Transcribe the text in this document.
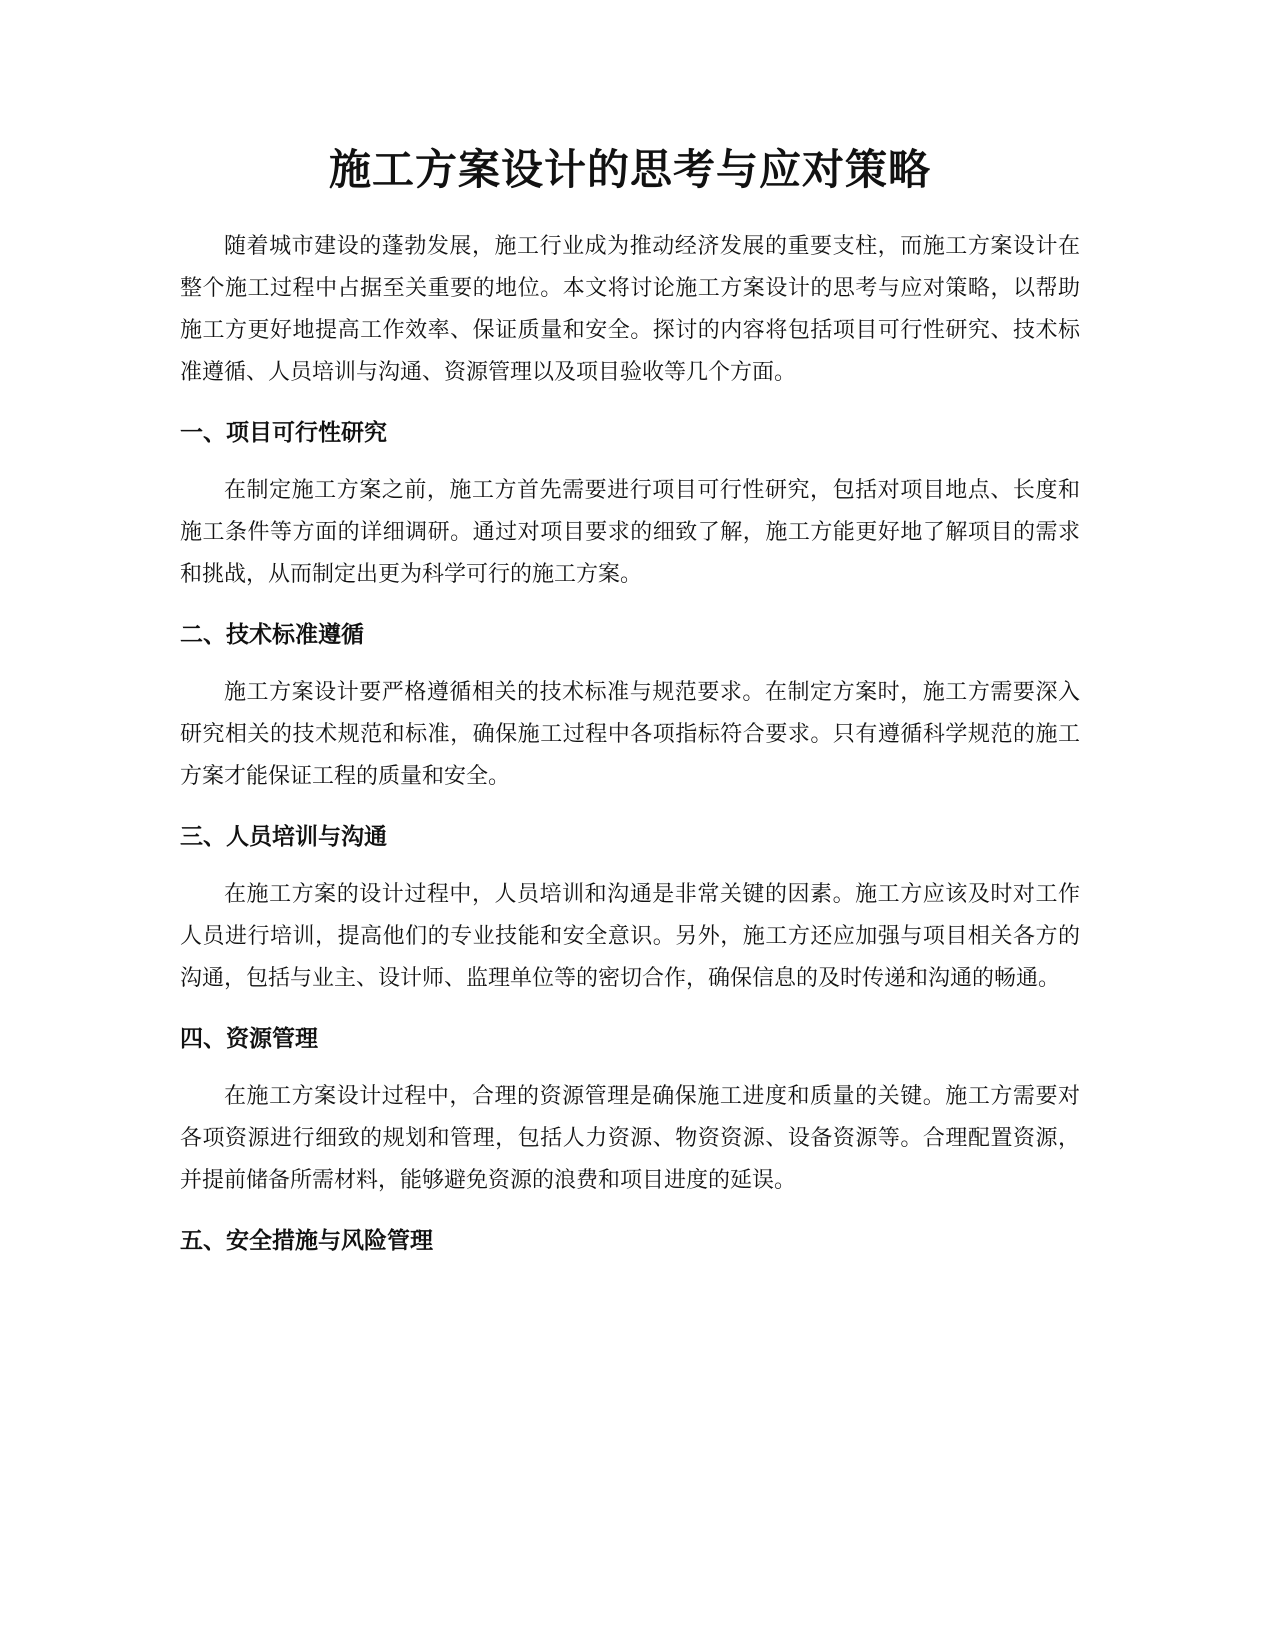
施工方案设计的思考与应对策略

随着城市建设的蓬勃发展，施工行业成为推动经济发展的重要支柱，而施工方案设计在整个施工过程中占据至关重要的地位。本文将讨论施工方案设计的思考与应对策略，以帮助施工方更好地提高工作效率、保证质量和安全。探讨的内容将包括项目可行性研究、技术标准遵循、人员培训与沟通、资源管理以及项目验收等几个方面。

一、项目可行性研究

在制定施工方案之前，施工方首先需要进行项目可行性研究，包括对项目地点、长度和施工条件等方面的详细调研。通过对项目要求的细致了解，施工方能更好地了解项目的需求和挑战，从而制定出更为科学可行的施工方案。

二、技术标准遵循

施工方案设计要严格遵循相关的技术标准与规范要求。在制定方案时，施工方需要深入研究相关的技术规范和标准，确保施工过程中各项指标符合要求。只有遵循科学规范的施工方案才能保证工程的质量和安全。

三、人员培训与沟通

在施工方案的设计过程中，人员培训和沟通是非常关键的因素。施工方应该及时对工作人员进行培训，提高他们的专业技能和安全意识。另外，施工方还应加强与项目相关各方的沟通，包括与业主、设计师、监理单位等的密切合作，确保信息的及时传递和沟通的畅通。

四、资源管理

在施工方案设计过程中，合理的资源管理是确保施工进度和质量的关键。施工方需要对各项资源进行细致的规划和管理，包括人力资源、物资资源、设备资源等。合理配置资源，并提前储备所需材料，能够避免资源的浪费和项目进度的延误。

五、安全措施与风险管理
